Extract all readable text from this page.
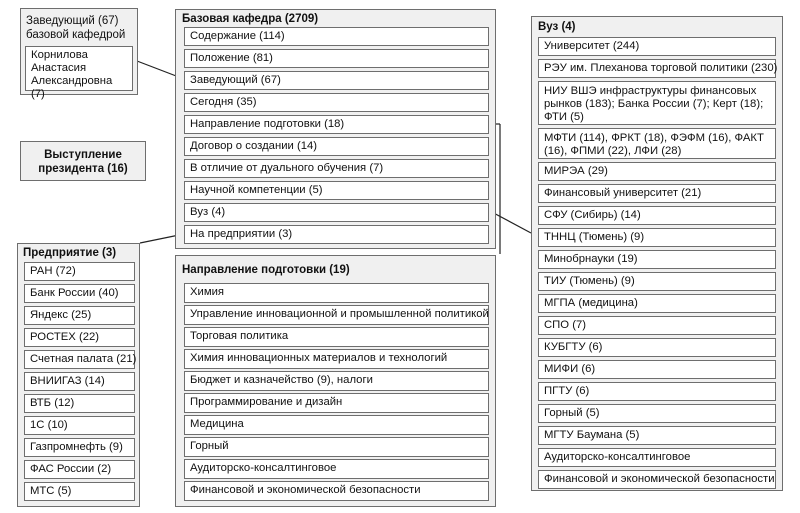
Заведующий (67)
базовой кафедрой
Корнилова
Анастасия
Александровна (7)
Выступление
президента (16)
Базовая кафедра (2709)
Содержание (114)
Положение (81)
Заведующий (67)
Сегодня (35)
Направление подготовки (18)
Договор о создании (14)
В отличие от дуального обучения (7)
Научной компетенции (5)
Вуз (4)
На предприятии (3)
Направление подготовки (19)
Химия
Управление инновационной и промышленной политикой
Торговая политика
Химия инновационных материалов и технологий
Бюджет и казначейство (9), налоги
Программирование и дизайн
Медицина
Горный
Аудиторско-консалтинговое
Финансовой и экономической безопасности
Предприятие (3)
РАН (72)
Банк России (40)
Яндекс (25)
РОСТЕХ (22)
Счетная палата (21)
ВНИИГАЗ (14)
ВТБ (12)
1С (10)
Газпромнефть (9)
ФАС России (2)
МТС (5)
Вуз (4)
Университет (244)
РЭУ им. Плеханова торговой политики (230)
НИУ ВШЭ инфраструктуры финансовых рынков (183); Банка России (7); Керт (18); ФТИ (5)
МФТИ (114), ФРКТ (18), ФЭФМ (16), ФАКТ (16), ФПМИ (22), ЛФИ (28)
МИРЭА (29)
Финансовый университет (21)
СФУ (Сибирь) (14)
ТННЦ (Тюмень) (9)
Минобрнауки (19)
ТИУ (Тюмень) (9)
МГПА (медицина)
СПО (7)
КУБГТУ (6)
МИФИ (6)
ПГТУ (6)
Горный (5)
МГТУ Баумана (5)
Аудиторско-консалтинговое
Финансовой и экономической безопасности
